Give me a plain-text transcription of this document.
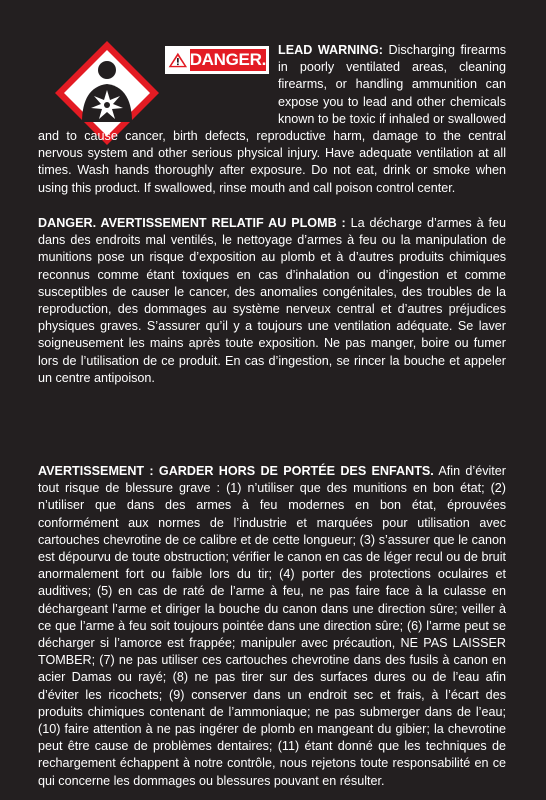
DANGER. LEAD WARNING: Discharging firearms in poorly ventilated areas, cleaning firearms, or handling ammunition can expose you to lead and other chemicals known to be toxic if inhaled or swallowed and to cause cancer, birth defects, reproductive harm, damage to the central nervous system and other serious physical injury. Have adequate ventilation at all times. Wash hands thoroughly after exposure. Do not eat, drink or smoke when using this product. If swallowed, rinse mouth and call poison control center.

DANGER. AVERTISSEMENT RELATIF AU PLOMB : La décharge d’armes à feu dans des endroits mal ventilés, le nettoyage d’armes à feu ou la manipulation de munitions pose un risque d’exposition au plomb et à d’autres produits chimiques reconnus comme étant toxiques en cas d’inhalation ou d’ingestion et comme susceptibles de causer le cancer, des anomalies congénitales, des troubles de la reproduction, des dommages au système nerveux central et d’autres préjudices physiques graves. S’assurer qu’il y a toujours une ventilation adéquate. Se laver soigneusement les mains après toute exposition. Ne pas manger, boire ou fumer lors de l’utilisation de ce produit. En cas d’ingestion, se rincer la bouche et appeler un centre antipoison.

AVERTISSEMENT : GARDER HORS DE PORTÉE DES ENFANTS. Afin d’éviter tout risque de blessure grave : (1) n’utiliser que des munitions en bon état; (2) n’utiliser que dans des armes à feu modernes en bon état, éprouvées conformément aux normes de l’industrie et marquées pour utilisation avec cartouches chevrotine de ce calibre et de cette longueur; (3) s’assurer que le canon est dépourvu de toute obstruction; vérifier le canon en cas de léger recul ou de bruit anormalement fort ou faible lors du tir; (4) porter des protections oculaires et auditives; (5) en cas de raté de l’arme à feu, ne pas faire face à la culasse en déchargeant l’arme et diriger la bouche du canon dans une direction sûre; veiller à ce que l’arme à feu soit toujours pointée dans une direction sûre; (6) l’arme peut se décharger si l’amorce est frappée; manipuler avec précaution, NE PAS LAISSER TOMBER; (7) ne pas utiliser ces cartouches chevrotine dans des fusils à canon en acier Damas ou rayé; (8) ne pas tirer sur des surfaces dures ou de l’eau afin d’éviter les ricochets; (9) conserver dans un endroit sec et frais, à l’écart des produits chimiques contenant de l’ammoniaque; ne pas submerger dans de l’eau; (10) faire attention à ne pas ingérer de plomb en mangeant du gibier; la chevrotine peut être cause de problèmes dentaires; (11) étant donné que les techniques de rechargement échappent à notre contrôle, nous rejetons toute responsabilité en ce qui concerne les dommages ou blessures pouvant en résulter.
